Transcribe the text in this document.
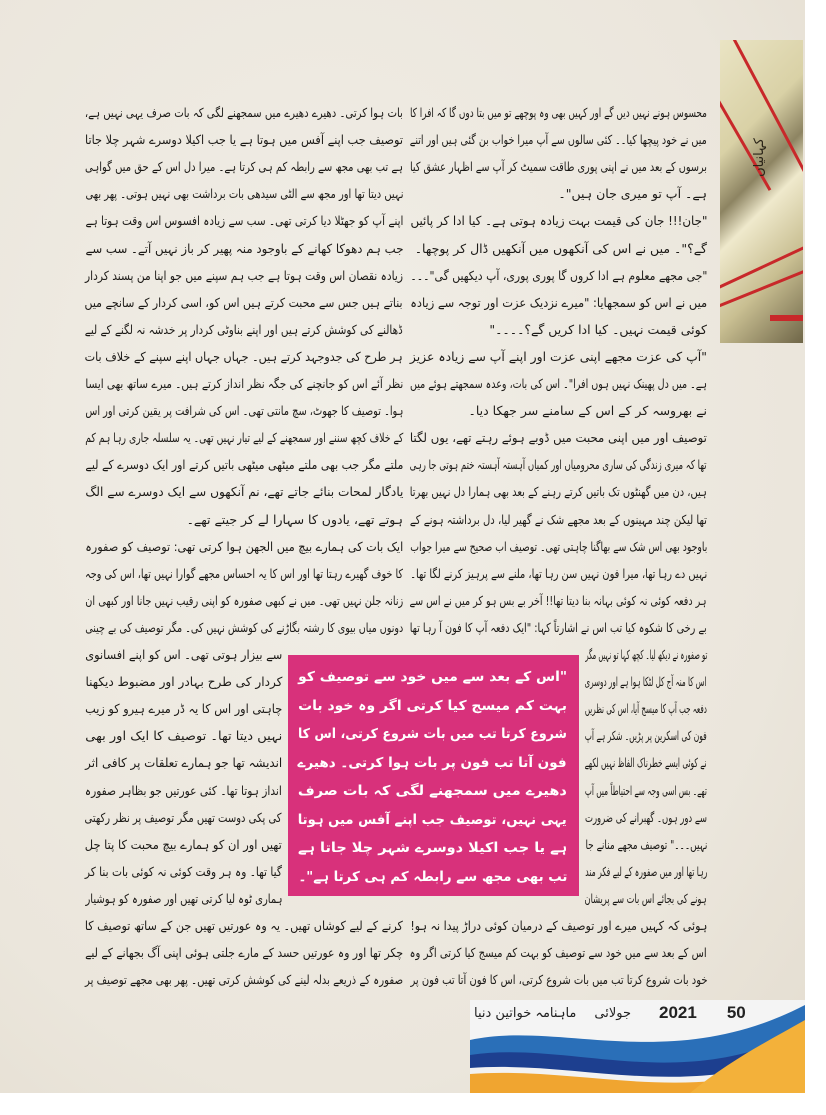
کہانیاں
محسوس ہونے نہیں دیں گے اور کہیں بھی وہ پوچھے تو میں بتا دوں گا کہ افرا کا
میں نے خود پیچھا کیا۔۔ کئی سالوں سے آپ میرا خواب بن گئی ہیں اور اتنے
برسوں کے بعد میں نے اپنی پوری طاقت سمیٹ کر آپ سے اظہار عشق کیا
ہے۔ آپ تو میری جان ہیں"۔
"جان!!! جان کی قیمت بہت زیادہ ہوتی ہے۔ کیا ادا کر پائیں
گے؟"۔ میں نے اس کی آنکھوں میں آنکھیں ڈال کر پوچھا۔
"جی مجھے معلوم ہے ادا کروں گا پوری پوری، آپ دیکھیں گی"۔۔۔
میں نے اس کو سمجھایا: "میرے نزدیک عزت اور توجہ سے زیادہ
کوئی قیمت نہیں۔ کیا ادا کریں گے؟۔۔۔۔"
"آپ کی عزت مجھے اپنی عزت اور اپنے آپ سے زیادہ عزیز
ہے۔ میں دل پھینک نہیں ہوں افرا"۔ اس کی بات، وعدہ سمجھتے ہوئے میں
نے بھروسہ کر کے اس کے سامنے سر جھکا دیا۔
توصیف اور میں اپنی محبت میں ڈوبے ہوئے رہتے تھے، یوں لگتا
تھا کہ میری زندگی کی ساری محرومیاں اور کمیاں آہستہ آہستہ ختم ہوتی جا رہی
ہیں، دن میں گھنٹوں تک باتیں کرتے رہنے کے بعد بھی ہمارا دل نہیں بھرتا
تھا لیکن چند مہینوں کے بعد مجھے شک نے گھیر لیا، دل برداشتہ ہونے کے
باوجود بھی اس شک سے بھاگنا چاہتی تھی۔ توصیف اب صحیح سے میرا جواب
نہیں دے رہا تھا، میرا فون نہیں سن رہا تھا، ملنے سے پرہیز کرنے لگا تھا۔
ہر دفعہ کوئی نہ کوئی بہانہ بنا دیتا تھا!! آخر بے بس ہو کر میں نے اس سے
بے رخی کا شکوہ کیا تب اس نے اشارتاً کہا: "ایک دفعہ آپ کا فون آ رہا تھا
تو صفورہ نے دیکھ لیا۔ کچھ کہا تو نہیں مگر
اس کا منہ آج کل لٹکا ہوا ہے اور دوسری
دفعہ جب آپ کا میسج آیا، اس کی نظریں
فون کی اسکرین پر پڑیں۔ شکر ہے آپ
نے کوئی ایسے خطرناک الفاظ نہیں لکھے
تھے۔ بس اسی وجہ سے احتیاطاً میں آپ
سے دور ہوں۔ گھبرانے کی ضرورت
نہیں۔۔۔" توصیف مجھے منانے جا
رہا تھا اور میں صفورہ کے لیے فکر مند
ہونے کی بجائے اس بات سے پریشان
ہوئی کہ کہیں میرے اور توصیف کے درمیان کوئی دراڑ پیدا نہ ہو!
اس کے بعد سے میں خود سے توصیف کو بہت کم میسج کیا کرتی اگر وہ
خود بات شروع کرتا تب میں بات شروع کرتی، اس کا فون آتا تب فون پر
بات ہوا کرتی۔ دھیرے دھیرے میں سمجھنے لگی کہ بات صرف یہی نہیں ہے،
توصیف جب اپنے آفس میں ہوتا ہے یا جب اکیلا دوسرے شہر چلا جاتا
ہے تب بھی مجھ سے رابطہ کم ہی کرتا ہے۔ میرا دل اس کے حق میں گواہی
نہیں دیتا تھا اور مجھ سے الٹی سیدھی بات برداشت بھی نہیں ہوتی۔ پھر بھی
اپنے آپ کو جھٹلا دیا کرتی تھی۔ سب سے زیادہ افسوس اس وقت ہوتا ہے
جب ہم دھوکا کھانے کے باوجود منہ پھیر کر باز نہیں آتے۔ سب سے
زیادہ نقصان اس وقت ہوتا ہے جب ہم سپنے میں جو اپنا من پسند کردار
بناتے ہیں جس سے محبت کرتے ہیں اس کو، اسی کردار کے سانچے میں
ڈھالنے کی کوشش کرتے ہیں اور اپنے بناوٹی کردار پر خدشہ نہ لگنے کے لیے
ہر طرح کی جدوجہد کرتے ہیں۔ جہاں جہاں اپنے سپنے کے خلاف بات
نظر آئے اس کو جانچنے کی جگہ نظر انداز کرتے ہیں۔ میرے ساتھ بھی ایسا
ہوا۔ توصیف کا جھوٹ، سچ مانتی تھی۔ اس کی شرافت پر یقین کرتی اور اس
کے خلاف کچھ سننے اور سمجھنے کے لیے تیار نہیں تھی۔ یہ سلسلہ جاری رہا ہم کم
ملتے مگر جب بھی ملتے میٹھی میٹھی باتیں کرتے اور ایک دوسرے کے لیے
یادگار لمحات بنائے جاتے تھے، نم آنکھوں سے ایک دوسرے سے الگ
ہوتے تھے، یادوں کا سہارا لے کر جیتے تھے۔
ایک بات کی ہمارے بیچ میں الجھن ہوا کرتی تھی: توصیف کو صفورہ
کا خوف گھیرے رہتا تھا اور اس کا یہ احساس مجھے گوارا نہیں تھا، اس کی وجہ
زنانہ جلن نہیں تھی۔ میں نے کبھی صفورہ کو اپنی رقیب نہیں جانا اور کبھی ان
دونوں میاں بیوی کا رشتہ بگاڑنے کی کوشش نہیں کی۔ مگر توصیف کی بے چینی
سے بیزار ہوتی تھی۔ اس کو اپنے افسانوی
کردار کی طرح بہادر اور مضبوط دیکھنا
چاہتی اور اس کا یہ ڈر میرے ہیرو کو زیب
نہیں دیتا تھا۔ توصیف کا ایک اور بھی
اندیشہ تھا جو ہمارے تعلقات پر کافی اثر
انداز ہوتا تھا۔ کئی عورتیں جو بظاہر صفورہ
کی پکی دوست تھیں مگر توصیف پر نظر رکھتی
تھیں اور ان کو ہمارے بیچ محبت کا پتا چل
گیا تھا۔ وہ ہر وقت کوئی نہ کوئی بات بنا کر
ہماری ٹوہ لیا کرتی تھیں اور صفورہ کو ہوشیار
کرنے کے لیے کوشاں تھیں۔ یہ وہ عورتیں تھیں جن کے ساتھ توصیف کا
چکر تھا اور وہ عورتیں حسد کے مارے جلتی ہوئی اپنی آگ بجھانے کے لیے
صفورہ کے ذریعے بدلہ لینے کی کوشش کرتی تھیں۔ پھر بھی مجھے توصیف پر
"اس کے بعد سے میں خود سے توصیف کو
بہت کم میسج کیا کرتی اگر وہ خود بات
شروع کرتا تب میں بات شروع کرتی، اس کا
فون آتا تب فون پر بات ہوا کرتی۔ دھیرے
دھیرے میں سمجھنے لگی کہ بات صرف
یہی نہیں، توصیف جب اپنے آفس میں ہوتا
ہے یا جب اکیلا دوسرے شہر چلا جاتا ہے
تب بھی مجھ سے رابطہ کم ہی کرتا ہے"۔
ماہنامہ خواتین دنیا جولائی 2021 50
